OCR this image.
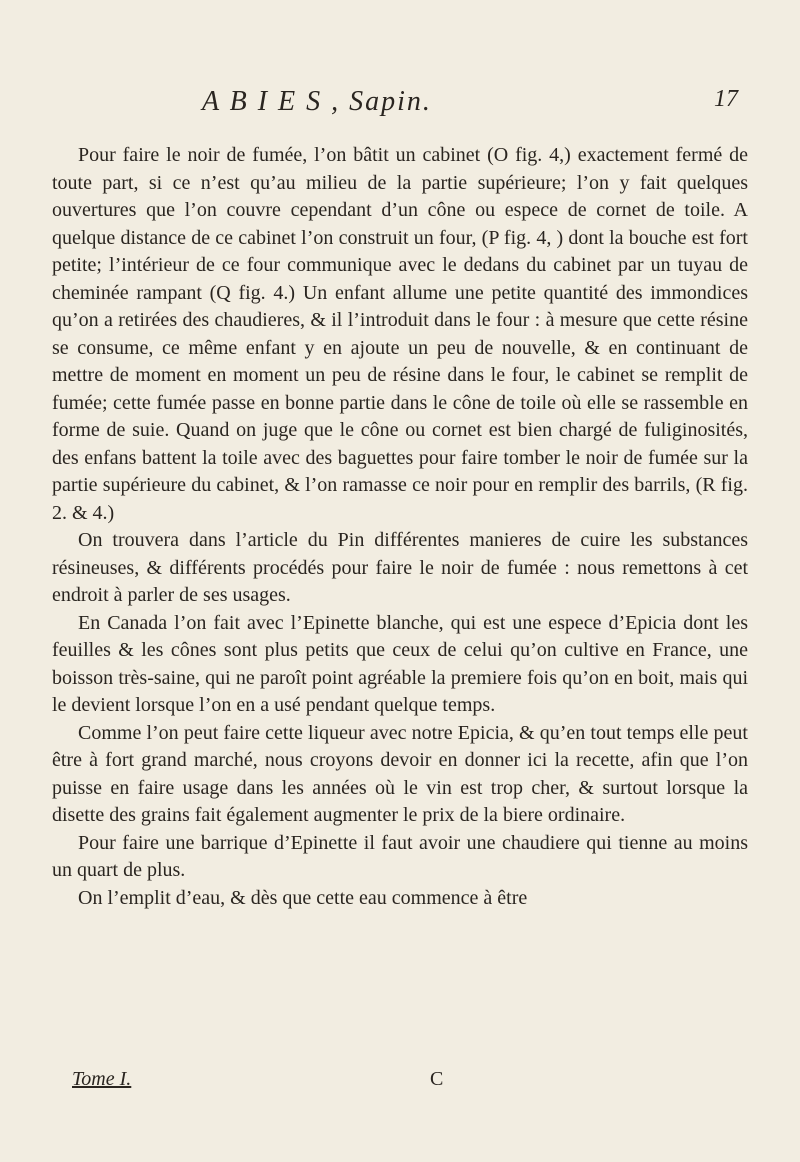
A B I E S , Sapin.	17

Pour faire le noir de fumée, l’on bâtit un cabinet (O fig. 4,) exactement fermé de toute part, si ce n’est qu’au milieu de la partie supérieure; l’on y fait quelques ouvertures que l’on couvre cependant d’un cône ou espece de cornet de toile. A quelque distance de ce cabinet l’on construit un four, (P fig. 4, ) dont la bouche est fort petite; l’intérieur de ce four communique avec le dedans du cabinet par un tuyau de cheminée rampant (Q fig. 4.) Un enfant allume une petite quantité des immondices qu’on a retirées des chaudieres, & il l’introduit dans le four : à mesure que cette résine se consume, ce même enfant y en ajoute un peu de nouvelle, & en continuant de mettre de moment en moment un peu de résine dans le four, le cabinet se remplit de fumée; cette fumée passe en bonne partie dans le cône de toile où elle se rassemble en forme de suie. Quand on juge que le cône ou cornet est bien chargé de fuliginosités, des enfans battent la toile avec des baguettes pour faire tomber le noir de fumée sur la partie supérieure du cabinet, & l’on ramasse ce noir pour en remplir des barrils, (R fig. 2. & 4.)

On trouvera dans l’article du Pin différentes manieres de cuire les substances résineuses, & différents procédés pour faire le noir de fumée : nous remettons à cet endroit à parler de ses usages.

En Canada l’on fait avec l’Epinette blanche, qui est une espece d’Epicia dont les feuilles & les cônes sont plus petits que ceux de celui qu’on cultive en France, une boisson très-saine, qui ne paroît point agréable la premiere fois qu’on en boit, mais qui le devient lorsque l’on en a usé pendant quelque temps.

Comme l’on peut faire cette liqueur avec notre Epicia, & qu’en tout temps elle peut être à fort grand marché, nous croyons devoir en donner ici la recette, afin que l’on puisse en faire usage dans les années où le vin est trop cher, & surtout lorsque la disette des grains fait également augmenter le prix de la biere ordinaire.

Pour faire une barrique d’Epinette il faut avoir une chaudiere qui tienne au moins un quart de plus.

On l’emplit d’eau, & dès que cette eau commence à être

Tome I.	C
